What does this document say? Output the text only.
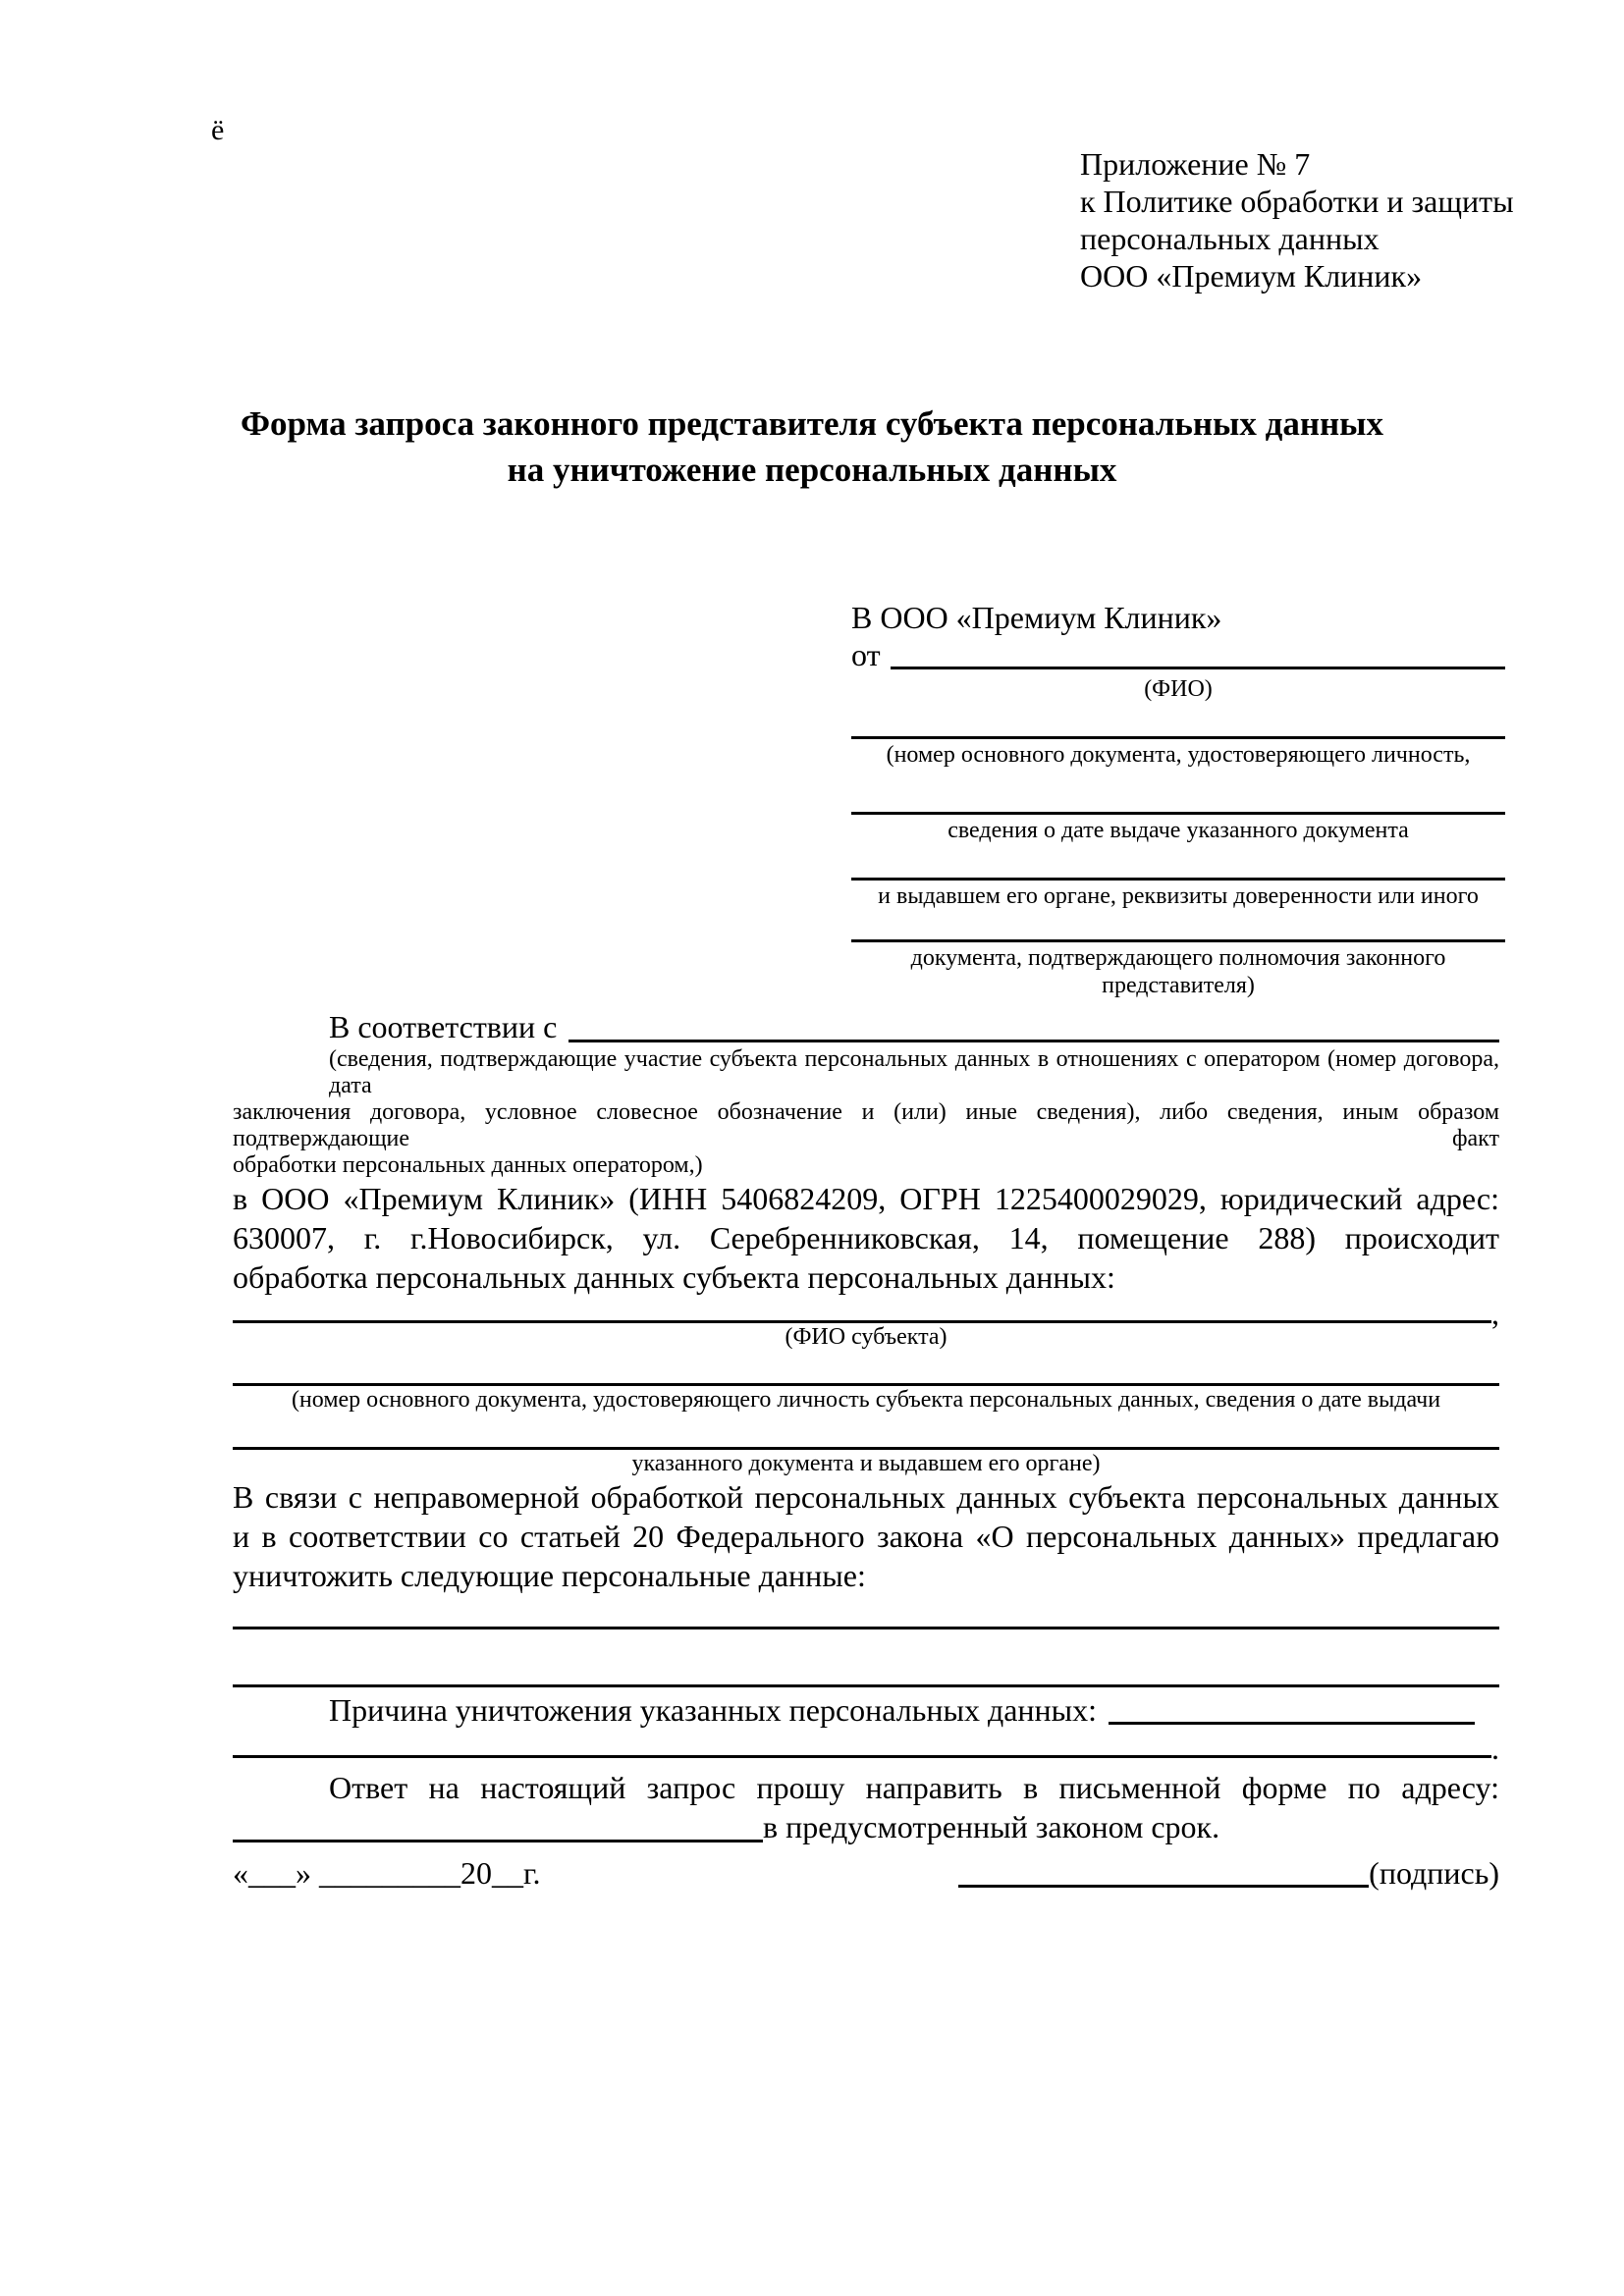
ё
Приложение № 7
к Политике обработки и защиты
персональных данных
ООО «Премиум Клиник»
Форма запроса законного представителя субъекта персональных данных
на уничтожение персональных данных
В ООО «Премиум Клиник»
от
(ФИО)
(номер основного документа, удостоверяющего личность,
сведения о дате выдаче указанного документа
и выдавшем его органе, реквизиты доверенности или иного
документа, подтверждающего полномочия законного представителя)
В соответствии с
(сведения, подтверждающие участие субъекта персональных данных в отношениях с оператором (номер договора, дата
заключения договора, условное словесное обозначение и (или) иные сведения), либо сведения, иным образом подтверждающие факт
обработки персональных данных оператором,)
в ООО «Премиум Клиник» (ИНН 5406824209, ОГРН 1225400029029, юридический адрес:
630007, г. г.Новосибирск, ул. Серебренниковская, 14, помещение 288) происходит
обработка персональных данных субъекта персональных данных:
,
(ФИО субъекта)
(номер основного документа, удостоверяющего личность субъекта персональных данных, сведения о дате выдачи
указанного документа и выдавшем его органе)
В связи с неправомерной обработкой персональных данных субъекта персональных данных
и в соответствии со статьей 20 Федерального закона «О персональных данных» предлагаю
уничтожить следующие персональные данные:
Причина уничтожения указанных персональных данных:
.
Ответ на настоящий запрос прошу направить в письменной форме по адресу:
в предусмотренный законом срок.
«___» _________20__г.	(подпись)
